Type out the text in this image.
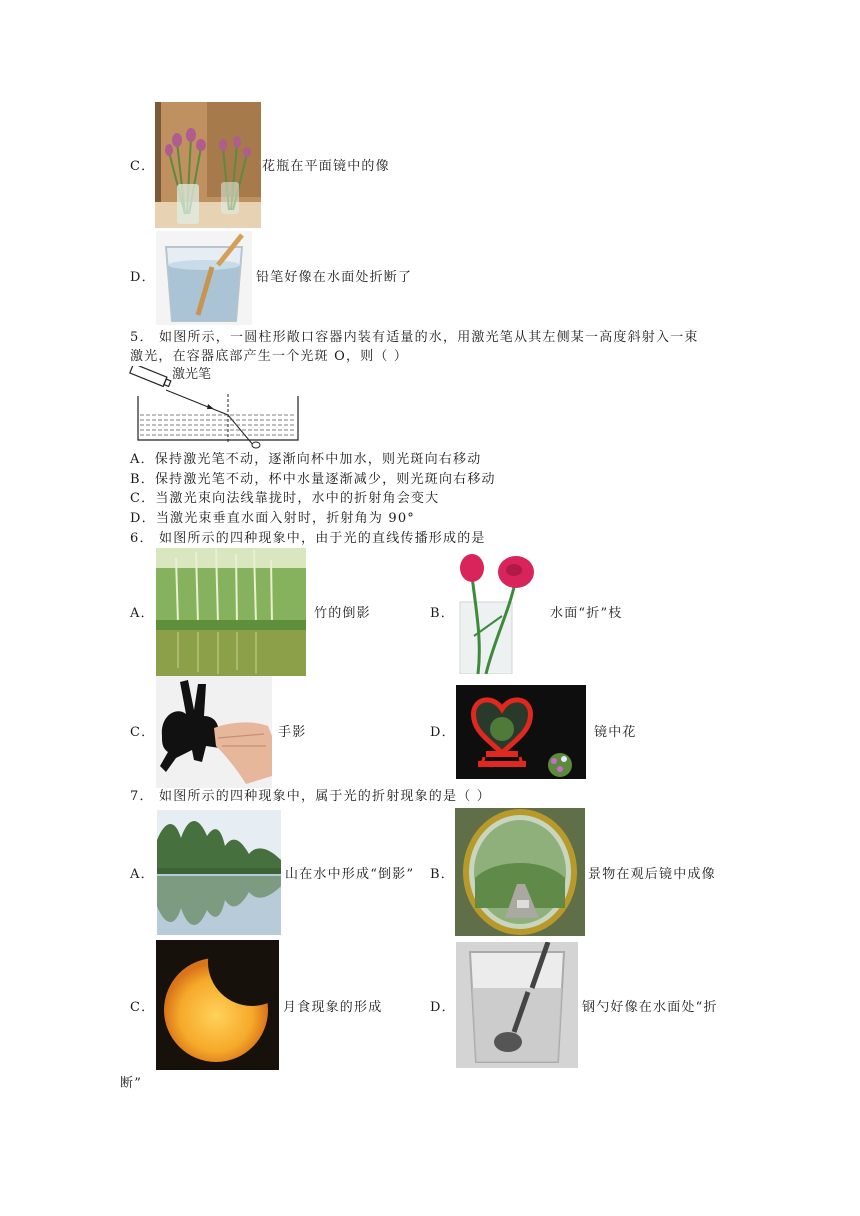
C．	花瓶在平面镜中的像
D．	铅笔好像在水面处折断了
5． 如图所示，一圆柱形敞口容器内装有适量的水，用激光笔从其左侧某一高度斜射入一束
激光，在容器底部产生一个光斑 O，则（ ）
激光笔
A．保持激光笔不动，逐渐向杯中加水，则光斑向右移动
B．保持激光笔不动，杯中水量逐渐减少，则光斑向右移动
C．当激光束向法线靠拢时，水中的折射角会变大
D．当激光束垂直水面入射时，折射角为 90°
6． 如图所示的四种现象中，由于光的直线传播形成的是
A．	竹的倒影	B．	水面“折”枝
C．	手影	D．	镜中花
7． 如图所示的四种现象中，属于光的折射现象的是（ ）
A．	山在水中形成“倒影” B．	景物在观后镜中成像
C．	月食现象的形成	D．	钢勺好像在水面处“折
断”
